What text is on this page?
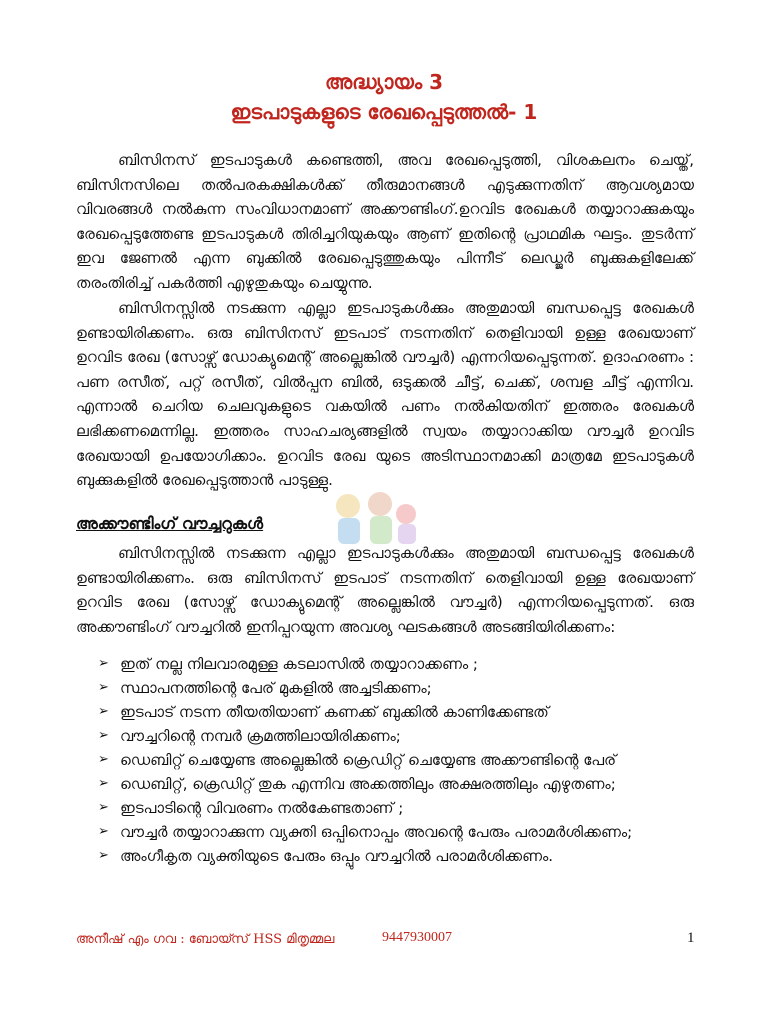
അദ്ധ്യായം 3
ഇടപാടുകളുടെ രേഖപ്പെടുത്തൽ- 1

ബിസിനസ് ഇടപാടുകൾ കണ്ടെത്തി, അവ രേഖപ്പെടുത്തി, വിശകലനം ചെയ്ത്, ബിസിനസിലെ തൽപരകക്ഷികൾക്ക് തീരുമാനങ്ങൾ എടുക്കുന്നതിന് ആവശ്യമായ വിവരങ്ങൾ നൽകുന്ന സംവിധാനമാണ് അക്കൗണ്ടിംഗ്.ഉറവിട രേഖകൾ തയ്യാറാക്കുകയും രേഖപ്പെടുത്തേണ്ട ഇടപാടുകൾ തിരിച്ചറിയുകയും ആണ് ഇതിന്റെ പ്രാഥമിക ഘട്ടം. തുടർന്ന് ഇവ ജേണൽ എന്ന ബുക്കിൽ രേഖപ്പെടുത്തുകയും പിന്നീട് ലെഡ്ജർ ബുക്കുകളിലേക്ക് തരംതിരിച്ച് പകർത്തി എഴുതുകയും ചെയ്യുന്നു.

ബിസിനസ്സിൽ നടക്കുന്ന എല്ലാ ഇടപാടുകൾക്കും അതുമായി ബന്ധപ്പെട്ട രേഖകൾ ഉണ്ടായിരിക്കണം. ഒരു ബിസിനസ് ഇടപാട് നടന്നതിന് തെളിവായി ഉള്ള രേഖയാണ് ഉറവിട രേഖ (സോഴ്സ് ഡോക്യുമെന്റ് അല്ലെങ്കിൽ വൗച്ചർ) എന്നറിയപ്പെടുന്നത്. ഉദാഹരണം : പണ രസീത്, പറ്റ് രസീത്, വിൽപ്പന ബിൽ, ഒടുക്കൽ ചീട്ട്, ചെക്ക്, ശമ്പള ചീട്ട് എന്നിവ. എന്നാൽ ചെറിയ ചെലവുകളുടെ വകയിൽ പണം നൽകിയതിന് ഇത്തരം രേഖകൾ ലഭിക്കണമെന്നില്ല. ഇത്തരം സാഹചര്യങ്ങളിൽ സ്വയം തയ്യാറാക്കിയ വൗച്ചർ ഉറവിട രേഖയായി ഉപയോഗിക്കാം. ഉറവിട രേഖ യുടെ അടിസ്ഥാനമാക്കി മാത്രമേ ഇടപാടുകൾ ബുക്കുകളിൽ രേഖപ്പെടുത്താൻ പാടുള്ളു.

അക്കൗണ്ടിംഗ് വൗച്ചറുകൾ

ബിസിനസ്സിൽ നടക്കുന്ന എല്ലാ ഇടപാടുകൾക്കും അതുമായി ബന്ധപ്പെട്ട രേഖകൾ ഉണ്ടായിരിക്കണം. ഒരു ബിസിനസ് ഇടപാട് നടന്നതിന് തെളിവായി ഉള്ള രേഖയാണ് ഉറവിട രേഖ (സോഴ്സ് ഡോക്യുമെന്റ് അല്ലെങ്കിൽ വൗച്ചർ) എന്നറിയപ്പെടുന്നത്. ഒരു അക്കൗണ്ടിംഗ് വൗച്ചറിൽ ഇനിപ്പറയുന്ന അവശ്യ ഘടകങ്ങൾ അടങ്ങിയിരിക്കണം:

➢ ഇത് നല്ല നിലവാരമുള്ള കടലാസിൽ തയ്യാറാക്കണം ;
➢ സ്ഥാപനത്തിന്റെ പേര് മുകളിൽ അച്ചടിക്കണം;
➢ ഇടപാട് നടന്ന തീയതിയാണ് കണക്ക് ബുക്കിൽ കാണിക്കേണ്ടത്
➢ വൗച്ചറിന്റെ നമ്പർ ക്രമത്തിലായിരിക്കണം;
➢ ഡെബിറ്റ് ചെയ്യേണ്ട അല്ലെങ്കിൽ ക്രെഡിറ്റ് ചെയ്യേണ്ട അക്കൗണ്ടിന്റെ പേര്
➢ ഡെബിറ്റ്, ക്രെഡിറ്റ് തുക എന്നിവ അക്കത്തിലും അക്ഷരത്തിലും എഴുതണം;
➢ ഇടപാടിന്റെ വിവരണം നൽകേണ്ടതാണ് ;
➢ വൗച്ചർ തയ്യാറാക്കുന്ന വ്യക്തി ഒപ്പിനൊപ്പം അവന്റെ പേരും പരാമർശിക്കണം;
➢ അംഗീകൃത വ്യക്തിയുടെ പേരും ഒപ്പും വൗച്ചറിൽ പരാമർശിക്കണം.
അനീഷ് എം ഗവ : ബോയ്സ് HSS മിതൃമ്മല	9447930007	1
